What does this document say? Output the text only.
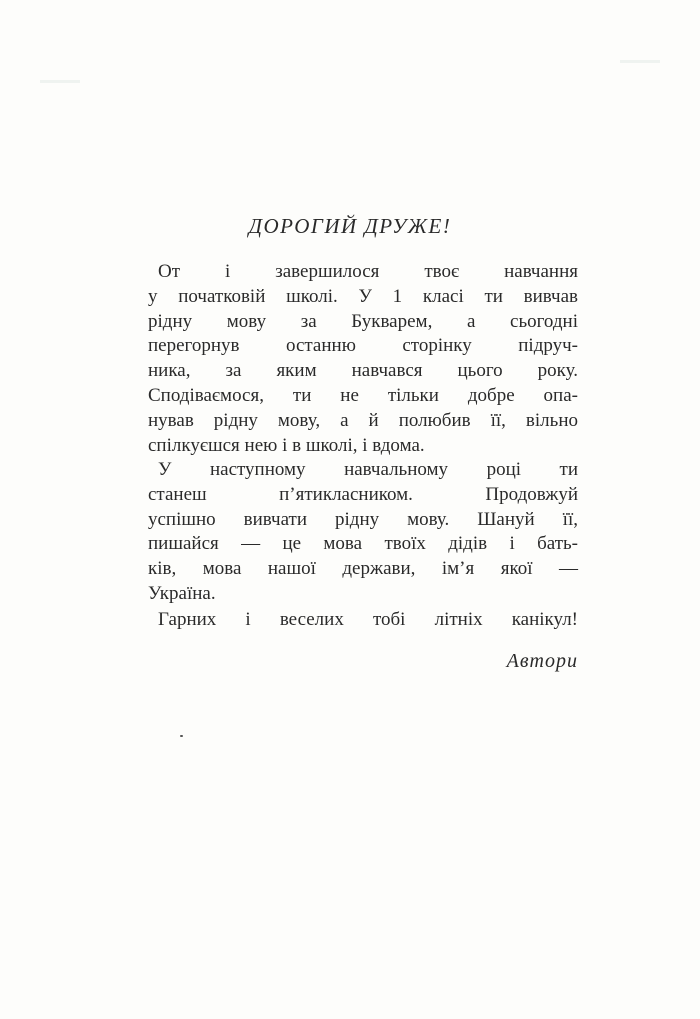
ДОРОГИЙ ДРУЖЕ!
От і завершилося твоє навчання
у початковій школі. У 1 класі ти вивчав
рідну мову за Букварем, а сьогодні
перегорнув останню сторінку підруч-
ника, за яким навчався цього року.
Сподіваємося, ти не тільки добре опа-
нував рідну мову, а й полюбив її, вільно
спілкуєшся нею і в школі, і вдома.
У наступному навчальному році ти
станеш п’ятикласником. Продовжуй
успішно вивчати рідну мову. Шануй її,
пишайся — це мова твоїх дідів і бать-
ків, мова нашої держави, ім’я якої —
Україна.
Гарних і веселих тобі літніх канікул!
Автори
